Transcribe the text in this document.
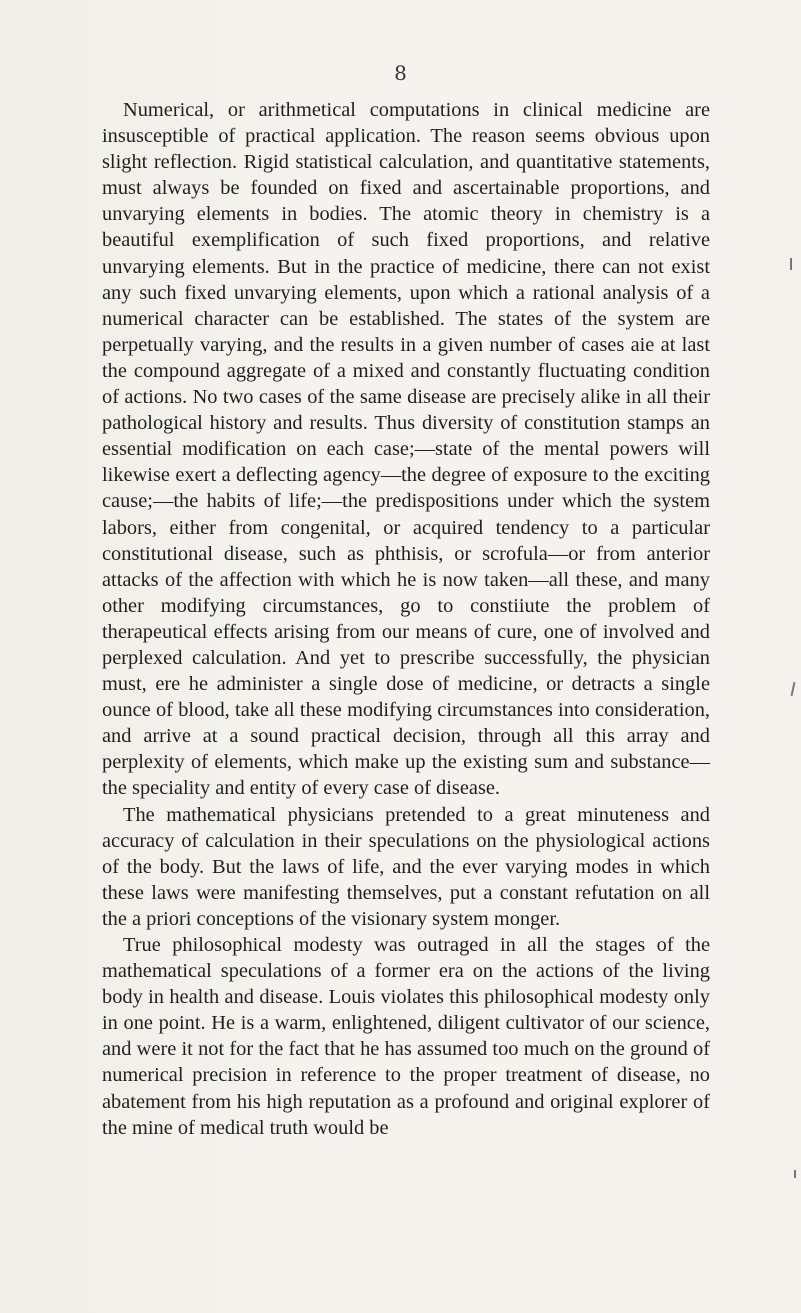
8

Numerical, or arithmetical computations in clinical medicine are insusceptible of practical application. The reason seems obvious upon slight reflection. Rigid statistical calculation, and quantitative statements, must always be founded on fixed and ascertainable proportions, and unvarying elements in bodies. The atomic theory in chemistry is a beautiful exemplification of such fixed proportions, and relative unvarying elements. But in the practice of medicine, there can not exist any such fixed unvarying elements, upon which a rational analysis of a numerical character can be established. The states of the system are perpetually varying, and the results in a given number of cases aie at last the compound aggregate of a mixed and constantly fluctuating condition of actions. No two cases of the same disease are precisely alike in all their pathological history and results. Thus diversity of constitution stamps an essential modification on each case;—state of the mental powers will likewise exert a deflecting agency—the degree of exposure to the exciting cause;—the habits of life;—the predispositions under which the system labors, either from congenital, or acquired tendency to a particular constitutional disease, such as phthisis, or scrofula—or from anterior attacks of the affection with which he is now taken—all these, and many other modifying circumstances, go to constiiute the problem of therapeutical effects arising from our means of cure, one of involved and perplexed calculation. And yet to prescribe successfully, the physician must, ere he administer a single dose of medicine, or detracts a single ounce of blood, take all these modifying circumstances into consideration, and arrive at a sound practical decision, through all this array and perplexity of elements, which make up the existing sum and substance—the speciality and entity of every case of disease.

The mathematical physicians pretended to a great minuteness and accuracy of calculation in their speculations on the physiological actions of the body. But the laws of life, and the ever varying modes in which these laws were manifesting themselves, put a constant refutation on all the a priori conceptions of the visionary system monger.

True philosophical modesty was outraged in all the stages of the mathematical speculations of a former era on the actions of the living body in health and disease. Louis violates this philosophical modesty only in one point. He is a warm, enlightened, diligent cultivator of our science, and were it not for the fact that he has assumed too much on the ground of numerical precision in reference to the proper treatment of disease, no abatement from his high reputation as a profound and original explorer of the mine of medical truth would be
